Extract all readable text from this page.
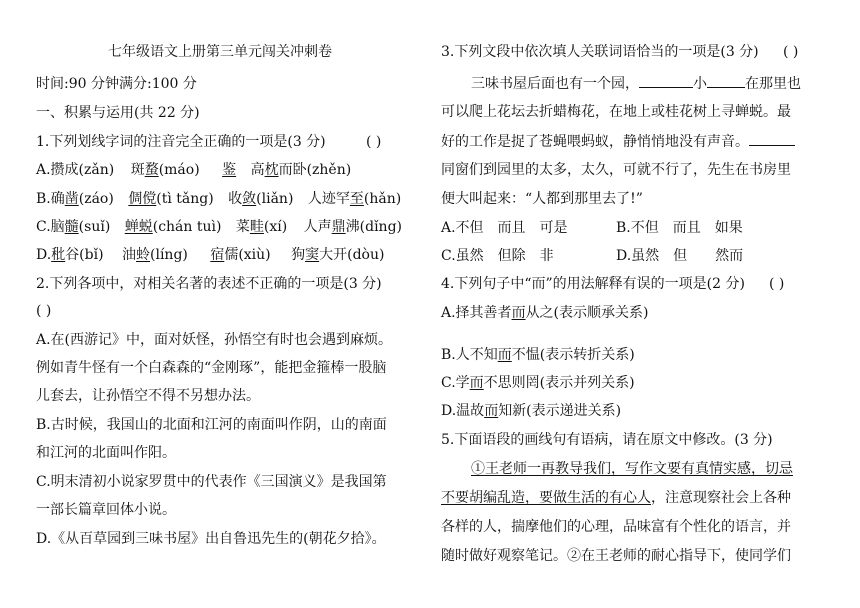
七年级语文上册第三单元闯关冲刺卷
时间:90 分钟满分:100 分
一、积累与运用(共 22 分)
1.下列划线字词的注音完全正确的一项是(3 分)	( )
A.攒成(zǎn) 斑蝥(máo) 鉴 高枕而卧(zhěn)
B.确凿(záo) 倜傥(tì tǎng) 收敛(liǎn) 人迹罕至(hǎn)
C.脑髓(suǐ) 蝉蜕(chán tuì) 菜畦(xí) 人声鼎沸(dǐng)
D.秕谷(bǐ) 油蛉(líng) 宿儒(xiù) 狗窦大开(dòu)
2.下列各项中，对相关名著的表述不正确的一项是(3 分)
( )
A.在(西游记》中，面对妖怪，孙悟空有时也会遇到麻烦。
例如青牛怪有一个白森森的“金刚琢”，能把金箍棒一股脑
儿套去，让孙悟空不得不另想办法。
B.古时候，我国山的北面和江河的南面叫作阴，山的南面
和江河的北面叫作阳。
C.明末清初小说家罗贯中的代表作《三国演义》是我国第
一部长篇章回体小说。
D.《从百草园到三味书屋》出自鲁迅先生的(朝花夕拾》。
3.下列文段中依次填人关联词语恰当的一项是(3 分) ( )
三味书屋后面也有一个园，	小	在那里也
可以爬上花坛去折蜡梅花，在地上或桂花树上寻蝉蜕。最
好的工作是捉了苍蝇喂蚂蚁，静悄悄地没有声音。
同窗们到园里的太多，太久，可就不行了，先生在书房里
便大叫起来：“人都到那里去了!”
A.不但　而且　可是	B.不但　而且　如果
C.虽然　但除　非	D.虽然　但　　然而
4.下列句子中“而”的用法解释有误的一项是(2 分) ( )
A.择其善者而从之(表示顺承关系)
B.人不知而不愠(表示转折关系)
C.学而不思则罔(表示并列关系)
D.温故而知新(表示递进关系)
5.下面语段的画线句有语病，请在原文中修改。(3 分)
①王老师一再教导我们，写作文要有真情实感，切忌
不要胡编乱造，要做生活的有心人，注意现察社会上各种
各样的人，揣摩他们的心理，品味富有个性化的语言，并
随时做好观察笔记。②在王老师的耐心指导下，使同学们
